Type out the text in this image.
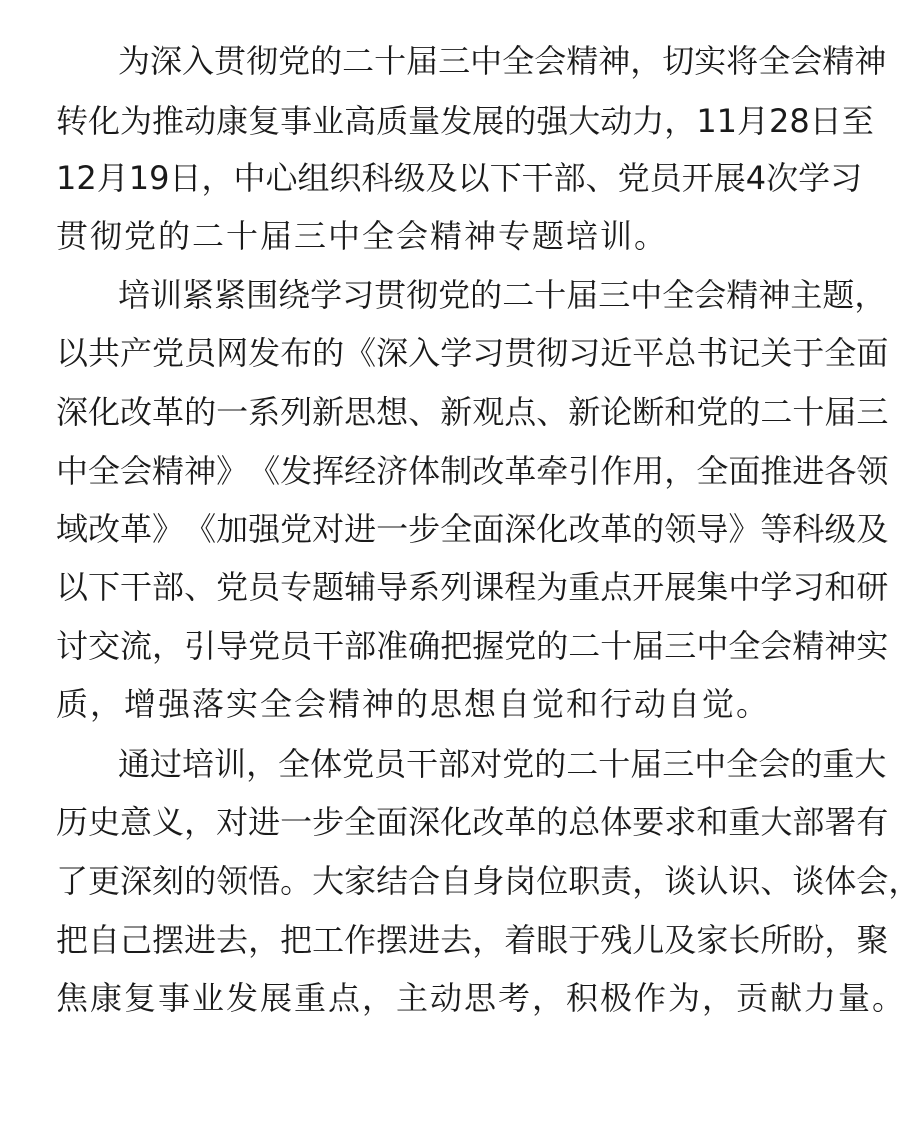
为 深 入 贯 彻 党 的 二 十 届 三 中 全 会 精 神 ， 切 实 将 全 会 精 神
转 化 为 推 动 康 复 事 业 高 质 量 发 展 的 强 大 动 力 ， 11 月 28 日 至
12 月 19 日 ， 中 心 组 织 科 级 及 以 下 干 部 、 党 员 开 展 4 次 学 习
贯彻党的二十届三中全会精神专题培训。
培 训 紧 紧 围 绕 学 习 贯 彻 党 的 二 十 届 三 中 全 会 精 神 主 题 ，
以 共 产 党 员 网 发 布 的 《 深 入 学 习 贯 彻 习 近 平 总 书 记 关 于 全 面
深 化 改 革 的 一 系 列 新 思 想 、 新 观 点 、 新 论 断 和 党 的 二 十 届 三
中 全 会 精 神 》 《 发 挥 经 济 体 制 改 革 牵 引 作 用 ， 全 面 推 进 各 领
域 改 革 》 《 加 强 党 对 进 一 步 全 面 深 化 改 革 的 领 导 》 等 科 级 及
以 下 干 部 、 党 员 专 题 辅 导 系 列 课 程 为 重 点 开 展 集 中 学 习 和 研
讨 交 流 ， 引 导 党 员 干 部 准 确 把 握 党 的 二 十 届 三 中 全 会 精 神 实
质，增强落实全会精神的思想自觉和行动自觉。
通 过 培 训 ， 全 体 党 员 干 部 对 党 的 二 十 届 三 中 全 会 的 重 大
历 史 意 义 ， 对 进 一 步 全 面 深 化 改 革 的 总 体 要 求 和 重 大 部 署 有
了 更 深 刻 的 领 悟 。 大 家 结 合 自 身 岗 位 职 责 ， 谈 认 识 、 谈 体 会 ，
把 自 己 摆 进 去 ， 把 工 作 摆 进 去 ， 着 眼 于 残 儿 及 家 长 所 盼 ， 聚
焦康复事业发展重点，主动思考，积极作为，贡献力量。
